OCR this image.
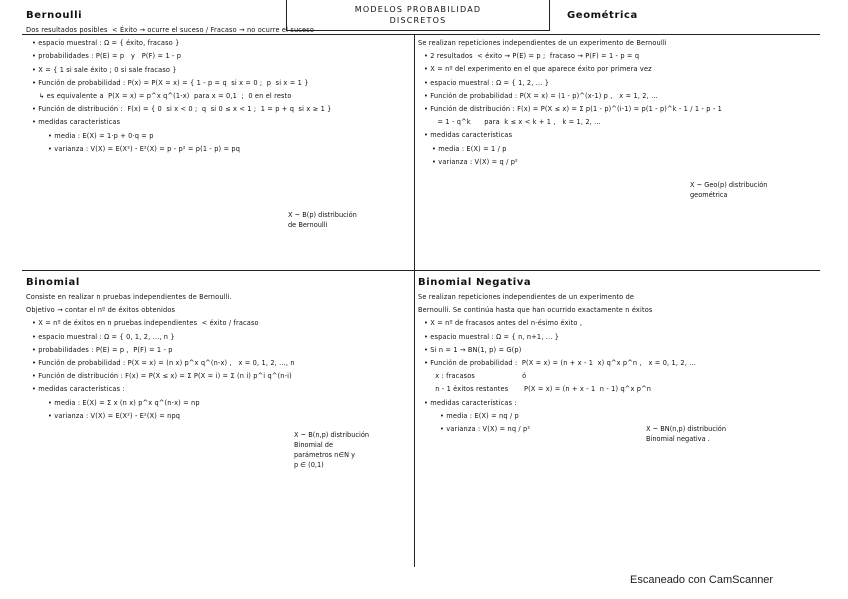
MODELOS PROBABILIDAD
DISCRETOS
Bernoulli
Dos resultados posibles  < Éxito → ocurre el suceso / Fracaso → no ocurre el suceso
• espacio muestral : Ω = { éxito, fracaso }
• probabilidades : P(E) = p   y   P(F) = 1 - p
• X = { 1 si sale éxito ; 0 si sale fracaso }
• Función de probabilidad : P(x) = P(X = x) = { 1 - p = q  si x = 0 ;  p  si x = 1 }
↳ es equivalente a  P(X = x) = p^x q^(1-x)  para x = 0,1  ;  0 en el resto
• Función de distribución :  F(x) = { 0  si x < 0 ;  q  si 0 ≤ x < 1 ;  1 = p + q  si x ≥ 1 }
• medidas características
• media : E(X) = 1·p + 0·q = p
• varianza : V(X) = E(X²) - E²(X) = p - p² = p(1 - p) = pq
X ~ B(p) distribución
de Bernoulli
Geométrica
Se realizan repeticiones independientes de un experimento de Bernoulli
• 2 resultados  < éxito → P(E) = p ;  fracaso → P(F) = 1 - p = q
• X = nº del experimento en el que aparece éxito por primera vez
• espacio muestral : Ω = { 1, 2, ... }
• Función de probabilidad : P(X = x) = (1 - p)^(x-1) p ,   x = 1, 2, ...
• Función de distribución : F(x) = P(X ≤ x) = Σ p(1 - p)^(i-1) = p(1 - p)^k - 1 / 1 - p - 1
= 1 - q^k      para  k ≤ x < k + 1 ,   k = 1, 2, ...
• medidas características
• media : E(X) = 1 / p
• varianza : V(X) = q / p²
X ~ Geo(p) distribución
geométrica
Binomial
Consiste en realizar n pruebas independientes de Bernoulli.
Objetivo → contar el nº de éxitos obtenidos
• X = nº de éxitos en n pruebas independientes  < éxito / fracaso
• espacio muestral : Ω = { 0, 1, 2, ..., n }
• probabilidades : P(E) = p ,  P(F) = 1 - p
• Función de probabilidad : P(X = x) = (n x) p^x q^(n-x) ,   x = 0, 1, 2, ..., n
• Función de distribución : F(x) = P(X ≤ x) = Σ P(X = i) = Σ (n i) p^i q^(n-i)
• medidas características :
• media : E(X) = Σ x (n x) p^x q^(n-x) = np
• varianza : V(X) = E(X²) - E²(X) = npq
X ~ B(n,p) distribución
Binomial de
parámetros n∈N y
p ∈ (0,1)
Binomial Negativa
Se realizan repeticiones independientes de un experimento de
Bernoulli. Se continúa hasta que han ocurrido exactamente n éxitos
• X = nº de fracasos antes del n-ésimo éxito ,
• espacio muestral : Ω = { n, n+1, ... }
• Si n = 1 → BN(1, p) = G(p)
• Función de probabilidad :  P(X = x) = (n + x - 1  x) q^x p^n ,   x = 0, 1, 2, ...
x : fracasos                     ó
n - 1 éxitos restantes       P(X = x) = (n + x - 1  n - 1) q^x p^n
• medidas características :
• media : E(X) = nq / p
• varianza : V(X) = nq / p²	X ~ BN(n,p) distribución
Binomial negativa .
Escaneado con CamScanner
